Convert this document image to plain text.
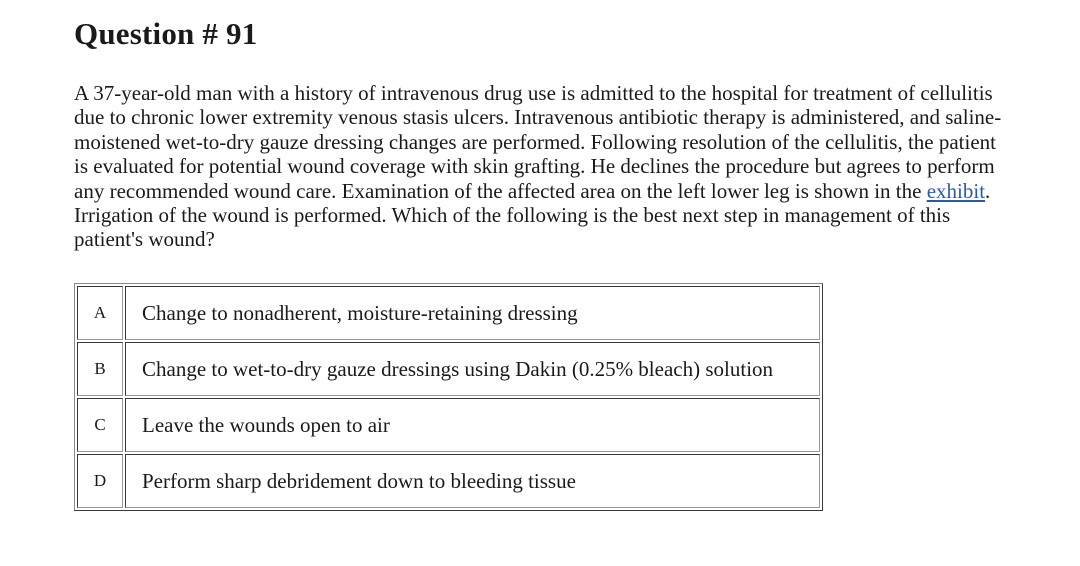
Question # 91

A 37-year-old man with a history of intravenous drug use is admitted to the hospital for treatment of cellulitis due to chronic lower extremity venous stasis ulcers. Intravenous antibiotic therapy is administered, and saline-moistened wet-to-dry gauze dressing changes are performed. Following resolution of the cellulitis, the patient is evaluated for potential wound coverage with skin grafting. He declines the procedure but agrees to perform any recommended wound care. Examination of the affected area on the left lower leg is shown in the exhibit. Irrigation of the wound is performed. Which of the following is the best next step in management of this patient's wound?

A	Change to nonadherent, moisture-retaining dressing
B	Change to wet-to-dry gauze dressings using Dakin (0.25% bleach) solution
C	Leave the wounds open to air
D	Perform sharp debridement down to bleeding tissue
